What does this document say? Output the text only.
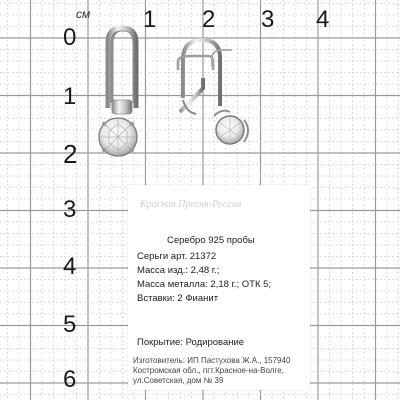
см 1 2 3 4
0
1
2
3
4
5
6
Красная Пресня-Россия
Серебро 925 пробы
Серьги арт. 21372
Масса изд.: 2,48 г.;
Масса металла: 2,18 г.; ОТК 5;
Вставки: 2 Фианит
Покрытие: Родирование
Изготовитель: ИП Пастухова Ж.А., 157940
Костромская обл., пгт.Красное-на-Волге,
ул.Советская, дом № 39
